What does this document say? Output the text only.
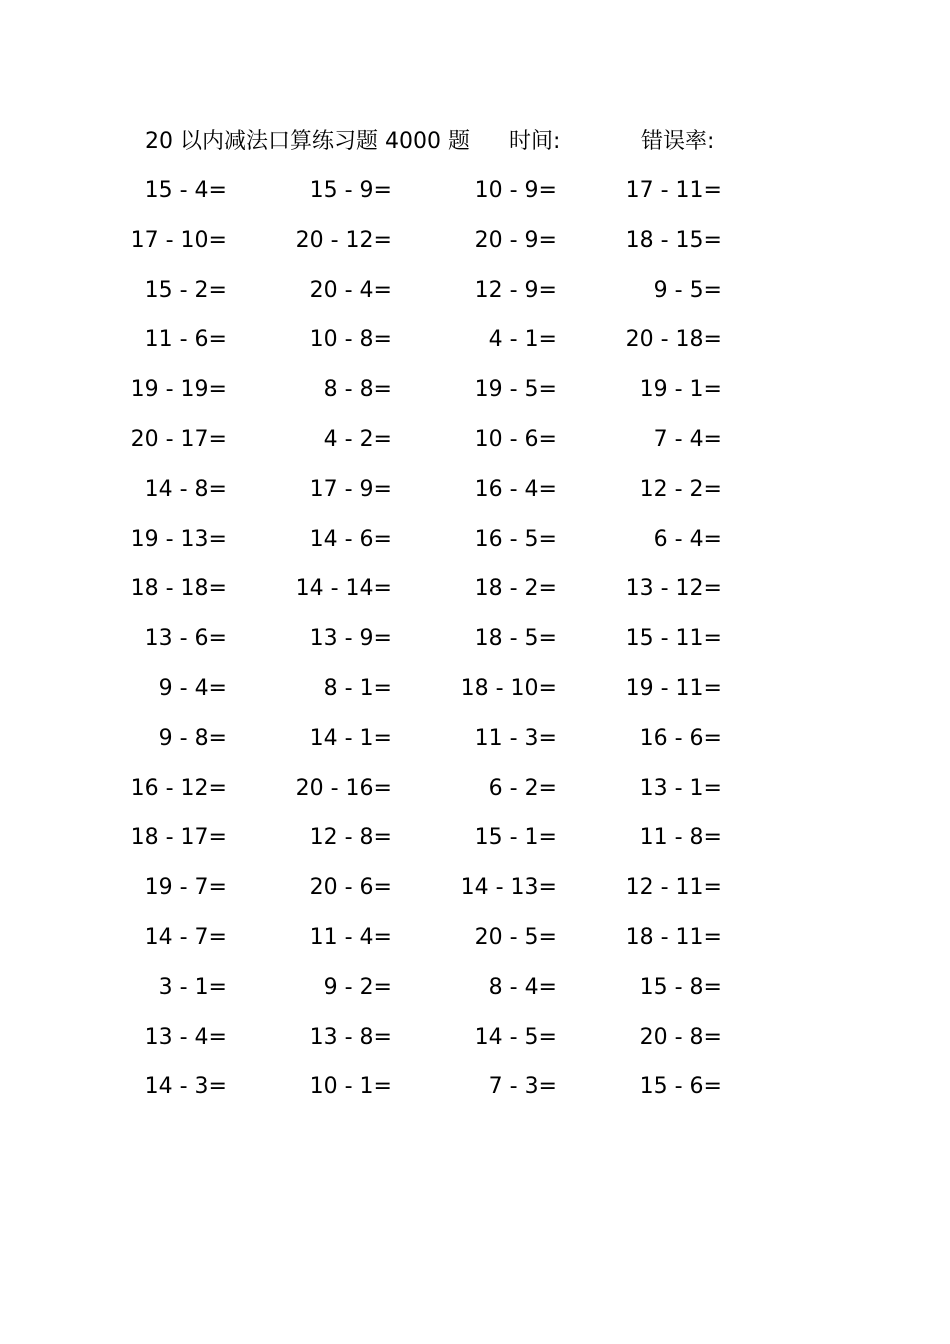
20 以内减法口算练习题 4000 题 时间:	错误率:
15 - 4=	15 - 9=	10 - 9=	17 - 11=
17 - 10=	20 - 12=	20 - 9=	18 - 15=
15 - 2=	20 - 4=	12 - 9=	9 - 5=
11 - 6=	10 - 8=	4 - 1=	20 - 18=
19 - 19=	8 - 8=	19 - 5=	19 - 1=
20 - 17=	4 - 2=	10 - 6=	7 - 4=
14 - 8=	17 - 9=	16 - 4=	12 - 2=
19 - 13=	14 - 6=	16 - 5=	6 - 4=
18 - 18=	14 - 14=	18 - 2=	13 - 12=
13 - 6=	13 - 9=	18 - 5=	15 - 11=
9 - 4=	8 - 1=	18 - 10=	19 - 11=
9 - 8=	14 - 1=	11 - 3=	16 - 6=
16 - 12=	20 - 16=	6 - 2=	13 - 1=
18 - 17=	12 - 8=	15 - 1=	11 - 8=
19 - 7=	20 - 6=	14 - 13=	12 - 11=
14 - 7=	11 - 4=	20 - 5=	18 - 11=
3 - 1=	9 - 2=	8 - 4=	15 - 8=
13 - 4=	13 - 8=	14 - 5=	20 - 8=
14 - 3=	10 - 1=	7 - 3=	15 - 6=
